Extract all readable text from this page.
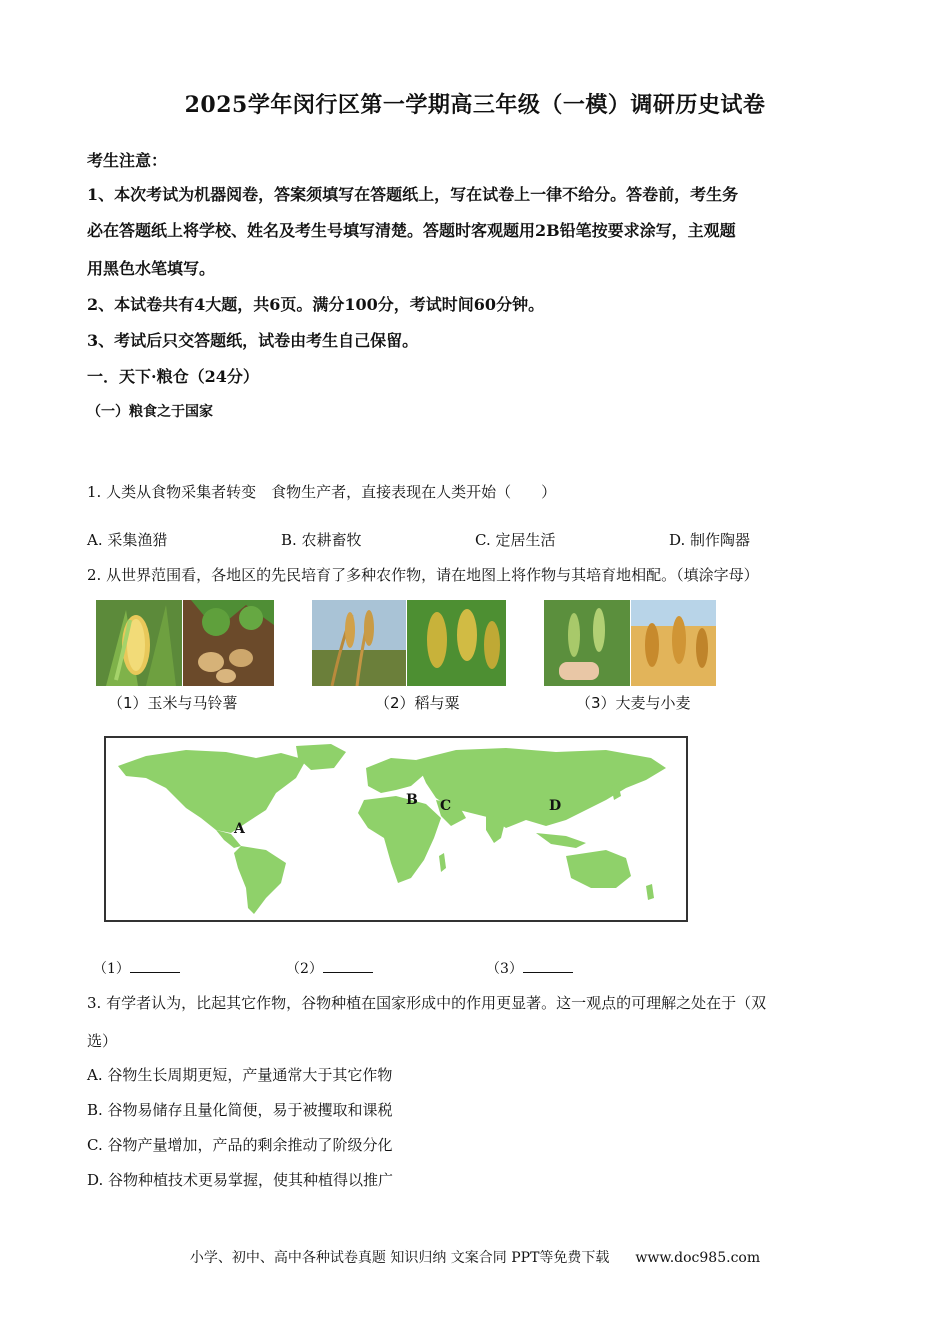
2025学年闵行区第一学期高三年级（一模）调研历史试卷
考生注意：
1、本次考试为机器阅卷，答案须填写在答题纸上，写在试卷上一律不给分。答卷前，考生务
必在答题纸上将学校、姓名及考生号填写清楚。答题时客观题用2B铅笔按要求涂写，主观题
用黑色水笔填写。
2、本试卷共有4大题，共6页。满分100分，考试时间60分钟。
3、考试后只交答题纸，试卷由考生自己保留。
一．天下·粮仓（24分）
（一）粮食之于国家
1. 人类从食物采集者转变　食物生产者，直接表现在人类开始（　　）
A. 采集渔猎	B. 农耕畜牧	C. 定居生活	D. 制作陶器
2. 从世界范围看，各地区的先民培育了多种农作物，请在地图上将作物与其培育地相配。（填涂字母）
（1）玉米与马铃薯	（2）稻与粟	（3）大麦与小麦
A
B C	D
（1）	（2）	（3）
3. 有学者认为，比起其它作物，谷物种植在国家形成中的作用更显著。这一观点的可理解之处在于（双
选）
A. 谷物生长周期更短，产量通常大于其它作物
B. 谷物易储存且量化简便，易于被攫取和课税
C. 谷物产量增加，产品的剩余推动了阶级分化
D. 谷物种植技术更易掌握，使其种植得以推广
小学、初中、高中各种试卷真题 知识归纳 文案合同 PPT等免费下载 www.doc985.com
